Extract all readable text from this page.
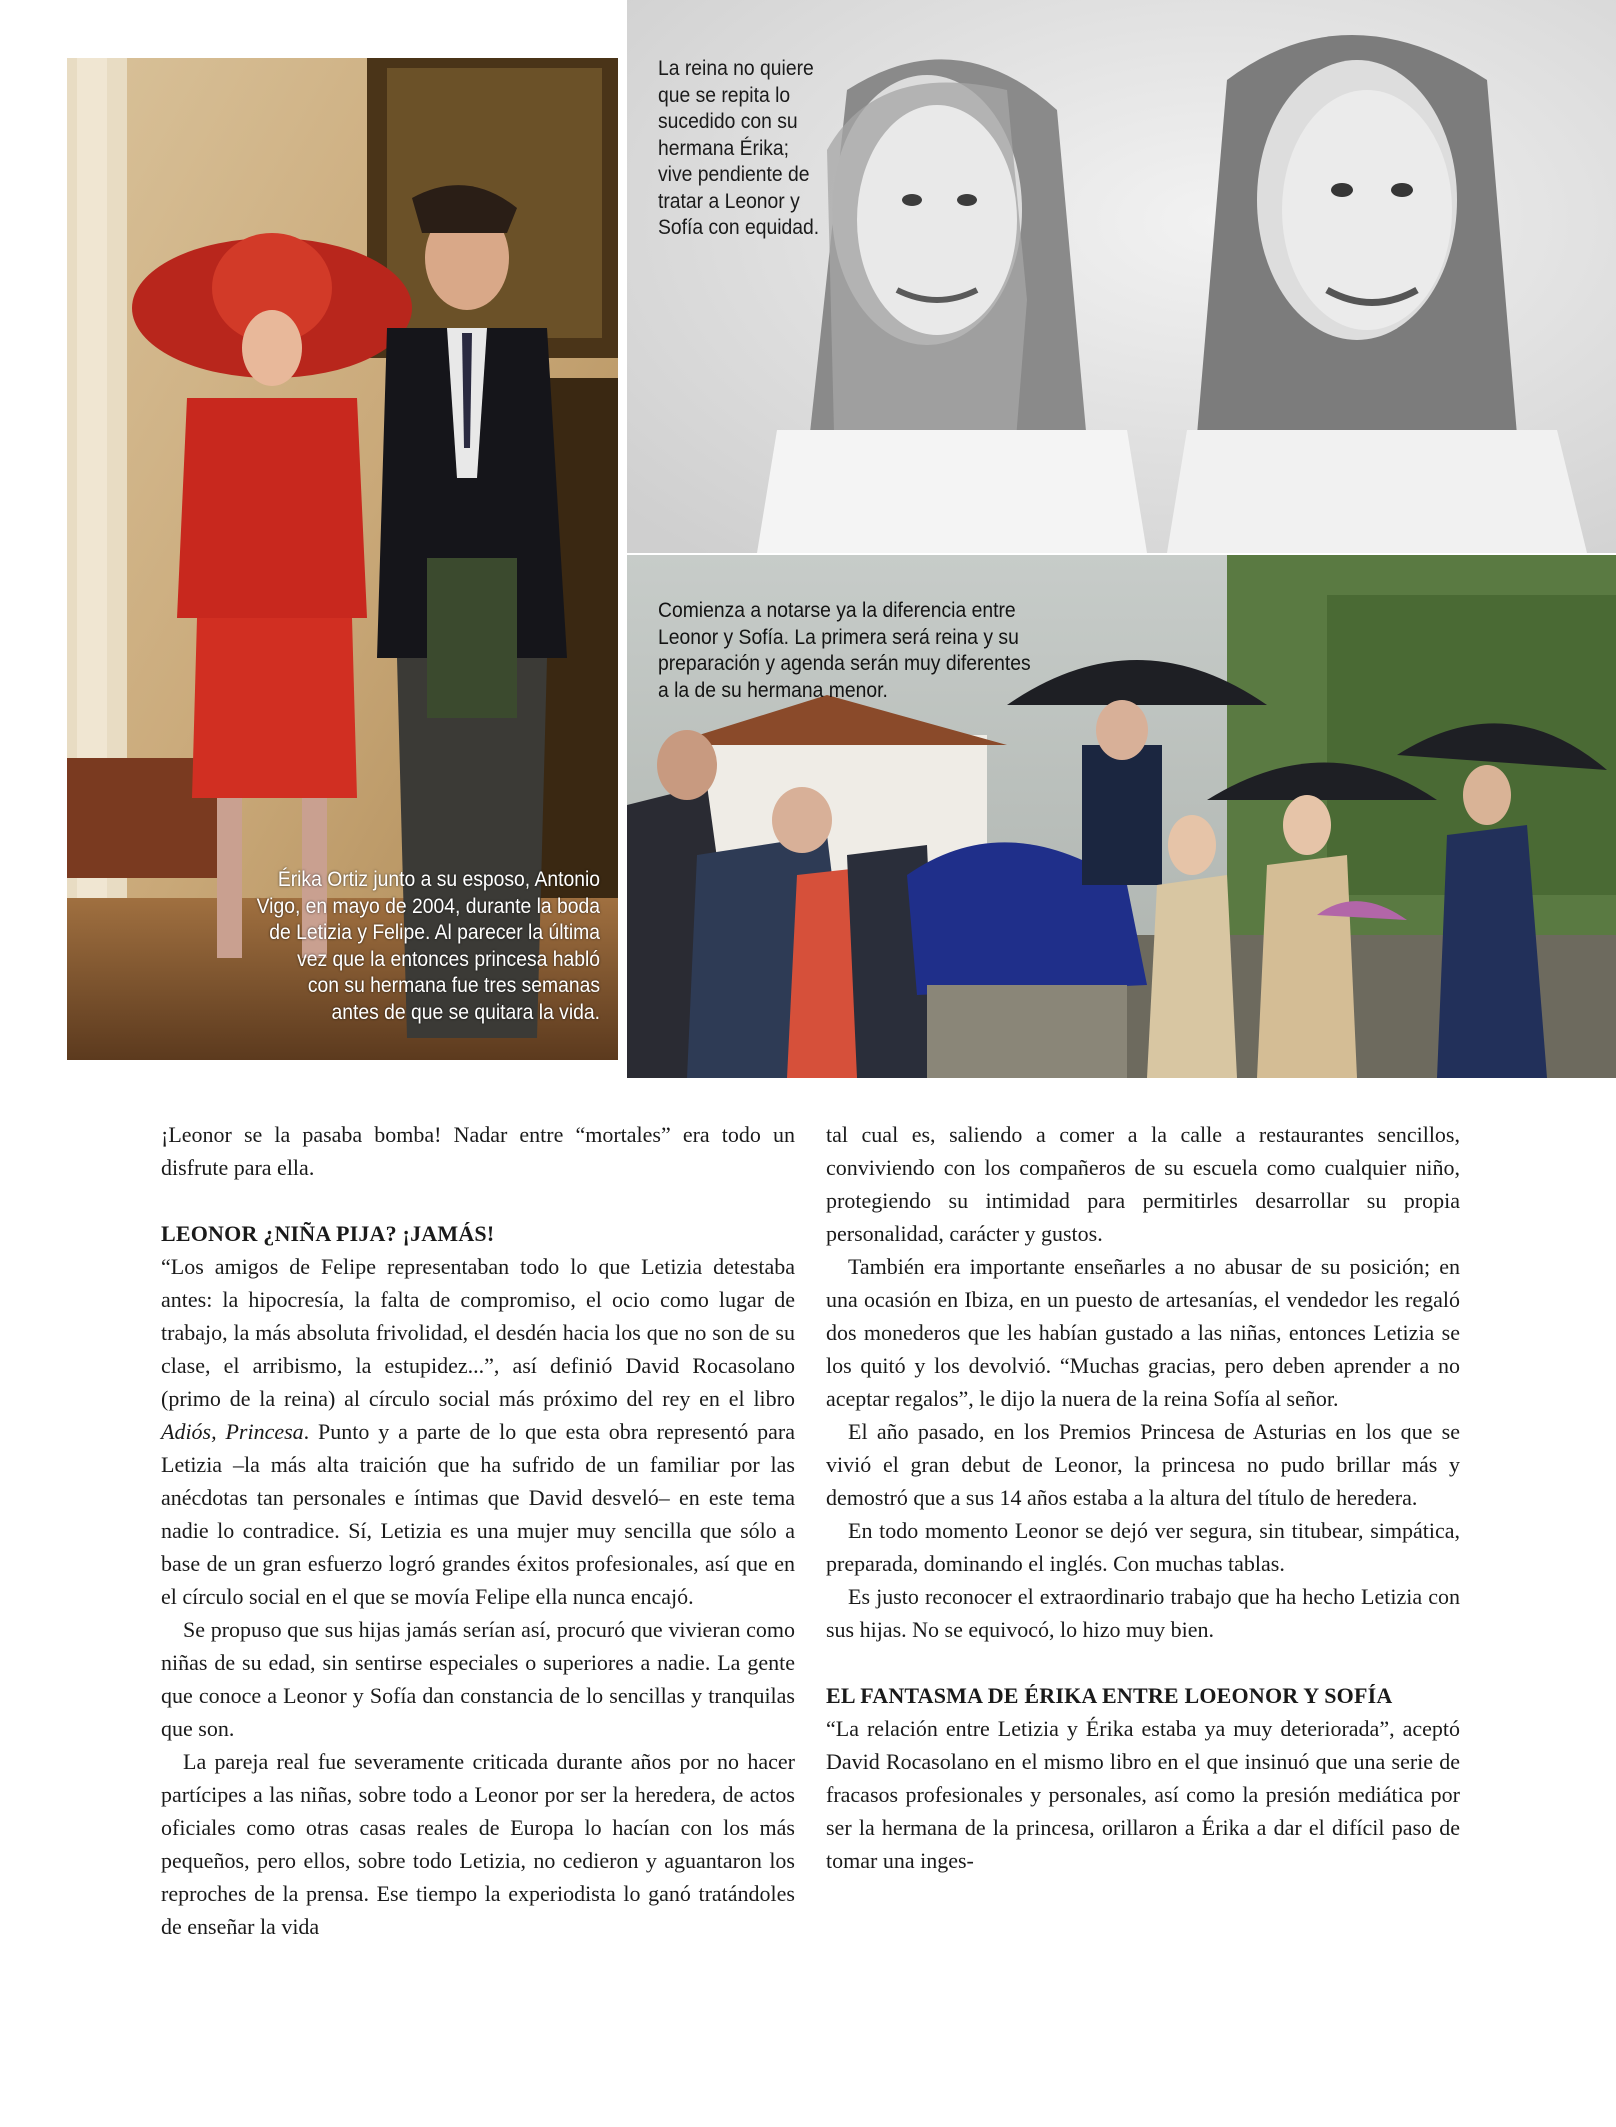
La reina no quiere
que se repita lo
sucedido con su
hermana Érika;
vive pendiente de
tratar a Leonor y
Sofía con equidad.

Comienza a notarse ya la diferencia entre
Leonor y Sofía. La primera será reina y su
preparación y agenda serán muy diferentes
a la de su hermana menor.

Érika Ortiz junto a su esposo, Antonio
Vigo, en mayo de 2004, durante la boda
de Letizia y Felipe. Al parecer la última
vez que la entonces princesa habló
con su hermana fue tres semanas
antes de que se quitara la vida.

¡Leonor se la pasaba bomba! Nadar entre “mortales” era todo un disfrute para ella.

LEONOR ¿NIÑA PIJA? ¡JAMÁS!

“Los amigos de Felipe representaban todo lo que Letizia detestaba antes: la hipocresía, la falta de compromiso, el ocio como lugar de trabajo, la más absoluta frivolidad, el desdén hacia los que no son de su clase, el arribismo, la estupidez...”, así definió David Rocasolano (primo de la reina) al círculo social más próximo del rey en el libro Adiós, Princesa. Punto y a parte de lo que esta obra representó para Letizia –la más alta traición que ha sufrido de un familiar por las anécdotas tan personales e íntimas que David desveló– en este tema nadie lo contradice. Sí, Letizia es una mujer muy sencilla que sólo a base de un gran esfuerzo logró grandes éxitos profesionales, así que en el círculo social en el que se movía Felipe ella nunca encajó.

Se propuso que sus hijas jamás serían así, procuró que vivieran como niñas de su edad, sin sentirse especiales o superiores a nadie. La gente que conoce a Leonor y Sofía dan constancia de lo sencillas y tranquilas que son.

La pareja real fue severamente criticada durante años por no hacer partícipes a las niñas, sobre todo a Leonor por ser la heredera, de actos oficiales como otras casas reales de Europa lo hacían con los más pequeños, pero ellos, sobre todo Letizia, no cedieron y aguantaron los reproches de la prensa. Ese tiempo la experiodista lo ganó tratándoles de enseñar la vida

tal cual es, saliendo a comer a la calle a restaurantes sencillos, conviviendo con los compañeros de su escuela como cualquier niño, protegiendo su intimidad para permitirles desarrollar su propia personalidad, carácter y gustos.

También era importante enseñarles a no abusar de su posición; en una ocasión en Ibiza, en un puesto de artesanías, el vendedor les regaló dos monederos que les habían gustado a las niñas, entonces Letizia se los quitó y los devolvió. “Muchas gracias, pero deben aprender a no aceptar regalos”, le dijo la nuera de la reina Sofía al señor.

El año pasado, en los Premios Princesa de Asturias en los que se vivió el gran debut de Leonor, la princesa no pudo brillar más y demostró que a sus 14 años estaba a la altura del título de heredera.

En todo momento Leonor se dejó ver segura, sin titubear, simpática, preparada, dominando el inglés. Con muchas tablas.

Es justo reconocer el extraordinario trabajo que ha hecho Letizia con sus hijas. No se equivocó, lo hizo muy bien.

EL FANTASMA DE ÉRIKA ENTRE LOEONOR Y SOFÍA

“La relación entre Letizia y Érika estaba ya muy deteriorada”, aceptó David Rocasolano en el mismo libro en el que insinuó que una serie de fracasos profesionales y personales, así como la presión mediática por ser la hermana de la princesa, orillaron a Érika a dar el difícil paso de tomar una inges-
